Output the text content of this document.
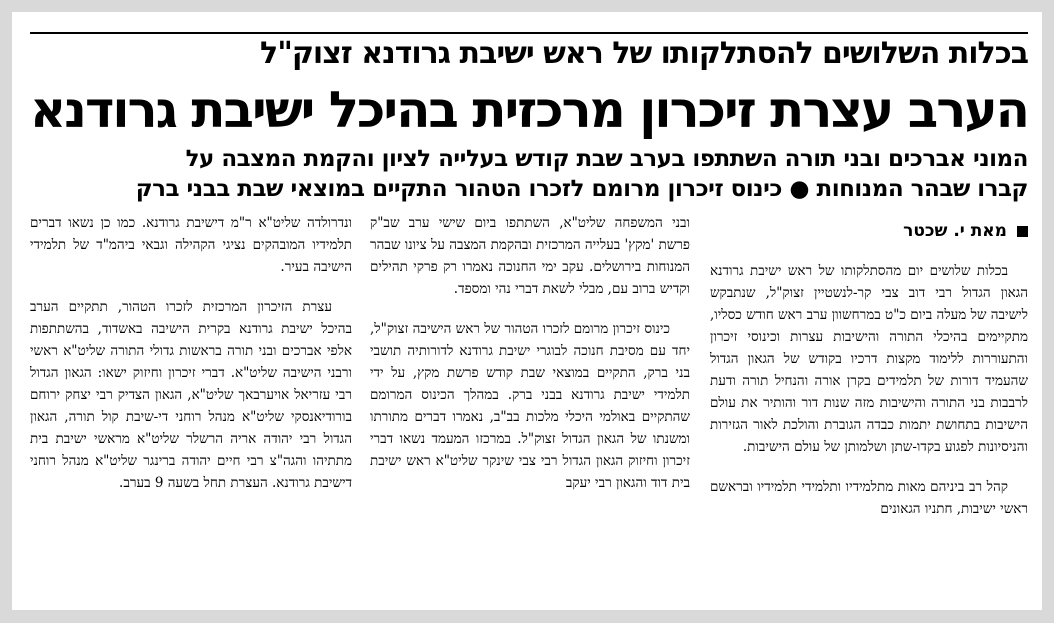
בכלות השלושים להסתלקותו של ראש ישיבת גרודנא זצוק"ל
הערב עצרת זיכרון מרכזית בהיכל ישיבת גרודנא
המוני אברכים ובני תורה השתתפו בערב שבת קודש בעלייה לציון והקמת המצבה על
קברו שבהר המנוחות ● כינוס זיכרון מרומם לזכרו הטהור התקיים במוצאי שבת בבני ברק
מאת י. שכטר

בכלות שלושים יום מהסתלקותו של ראש ישיבת גרודנא הגאון הגדול רבי דוב צבי קר-לנשטיין זצוק"ל, שנתבקש לישיבה של מעלה ביום כ"ט במרחשוון ערב ראש חודש כסליו, מתקיימים בהיכלי התורה והישיבות עצרות וכינוסי זיכרון והתעוררות ללימוד מקצות דרכיו בקודש של הגאון הגדול שהעמיד דורות של תלמידים בקרן אורה והנחיל תורה ודעת לרבבות בני התורה והישיבות מזה שנות דור והותיר את עולם הישיבות בתחושת יתמות כבדה הגוברת והולכת לאור הגזירות והניסיונות לפגוע בקדו-שתן ושלמותן של עולם הישיבות.

קהל רב ביניהם מאות מתלמידיו ותלמידי תלמידיו ובראשם ראשי ישיבות, חתניו הגאונים

ובני המשפחה שליט"א, השתתפו ביום שישי ערב שב"ק פרשת 'מקץ' בעלייה המרכזית ובהקמת המצבה על ציונו שבהר המנוחות בירושלים. עקב ימי החנוכה נאמרו רק פרקי תהילים וקדיש ברוב עם, מבלי לשאת דברי נהי ומספד.

כינוס זיכרון מרומם לזכרו הטהור של ראש הישיבה זצוק"ל, יחד עם מסיבת חנוכה לבוגרי ישיבת גרודנא לדורותיה תושבי בני ברק, התקיים במוצאי שבת קודש פרשת מקץ, על ידי תלמידי ישיבת גרודנא בבני ברק. במהלך הכינוס המרומם שהתקיים באולמי היכלי מלכות בב"ב, נאמרו דברים מתורתו ומשנתו של הגאון הגדול זצוק"ל. במרכזו המעמד נשאו דברי זיכרון וחיזוק הגאון הגדול רבי צבי שינקר שליט"א ראש ישיבת בית דוד והגאון רבי יעקב

ונדרולדה שליט"א ר"מ דישיבת גרודנא. כמו כן נשאו דברים תלמידיו המובהקים נציגי הקהילה וגבאי ביהמ"ד של תלמידי הישיבה בעיר.

עצרת הזיכרון המרכזית לזכרו הטהור, תתקיים הערב בהיכל ישיבת גרודנא בקרית הישיבה באשדוד, בהשתתפות אלפי אברכים ובני תורה בראשות גדולי התורה שליט"א ראשי ורבני הישיבה שליט"א. דברי זיכרון וחיזוק ישאו: הגאון הגדול רבי עזריאל אויערבאך שליט"א, הגאון הצדיק רבי יצחק ירוחם בורודיאנסקי שליט"א מנהל רוחני די-שיבת קול תורה, הגאון הגדול רבי יהודה אריה הרשלר שליט"א מראשי ישיבת בית מתתיהו והגה"צ רבי חיים יהודה ברינגר שליט"א מנהל רוחני דישיבת גרודנא. העצרת תחל בשעה 9 בערב.
